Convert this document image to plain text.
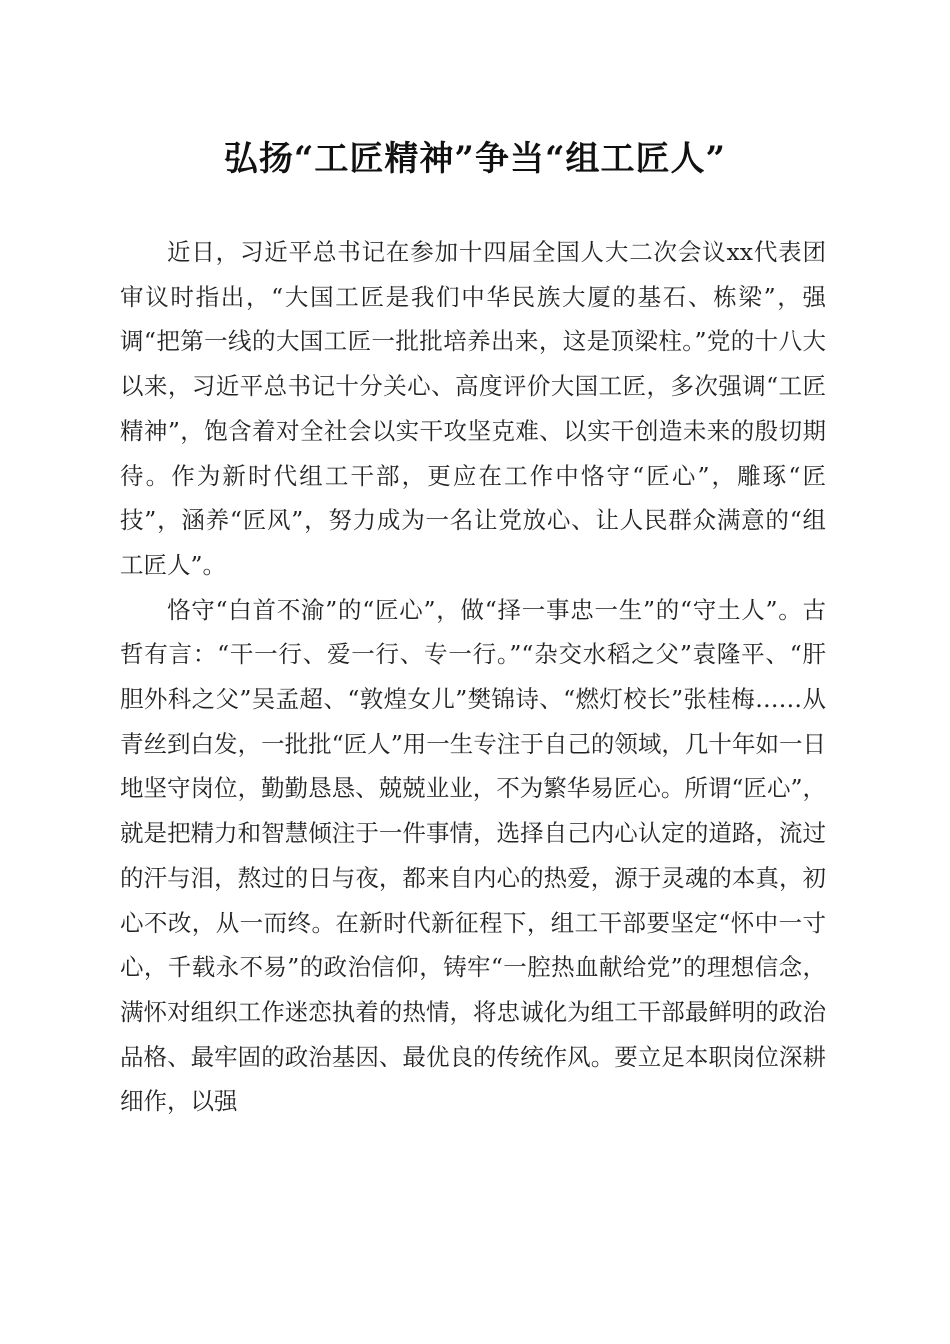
弘扬“工匠精神”争当“组工匠人”

近日，习近平总书记在参加十四届全国人大二次会议xx代表团审议时指出，“大国工匠是我们中华民族大厦的基石、栋梁”，强调“把第一线的大国工匠一批批培养出来，这是顶梁柱。”党的十八大以来，习近平总书记十分关心、高度评价大国工匠，多次强调“工匠精神”，饱含着对全社会以实干攻坚克难、以实干创造未来的殷切期待。作为新时代组工干部，更应在工作中恪守“匠心”，雕琢“匠技”，涵养“匠风”，努力成为一名让党放心、让人民群众满意的“组工匠人”。

恪守“白首不渝”的“匠心”，做“择一事忠一生”的“守土人”。古哲有言：“干一行、爱一行、专一行。”“杂交水稻之父”袁隆平、“肝胆外科之父”吴孟超、“敦煌女儿”樊锦诗、“燃灯校长”张桂梅……从青丝到白发，一批批“匠人”用一生专注于自己的领域，几十年如一日地坚守岗位，勤勤恳恳、兢兢业业，不为繁华易匠心。所谓“匠心”，就是把精力和智慧倾注于一件事情，选择自己内心认定的道路，流过的汗与泪，熬过的日与夜，都来自内心的热爱，源于灵魂的本真，初心不改，从一而终。在新时代新征程下，组工干部要坚定“怀中一寸心，千载永不易”的政治信仰，铸牢“一腔热血献给党”的理想信念，满怀对组织工作迷恋执着的热情，将忠诚化为组工干部最鲜明的政治品格、最牢固的政治基因、最优良的传统作风。要立足本职岗位深耕细作，以强
